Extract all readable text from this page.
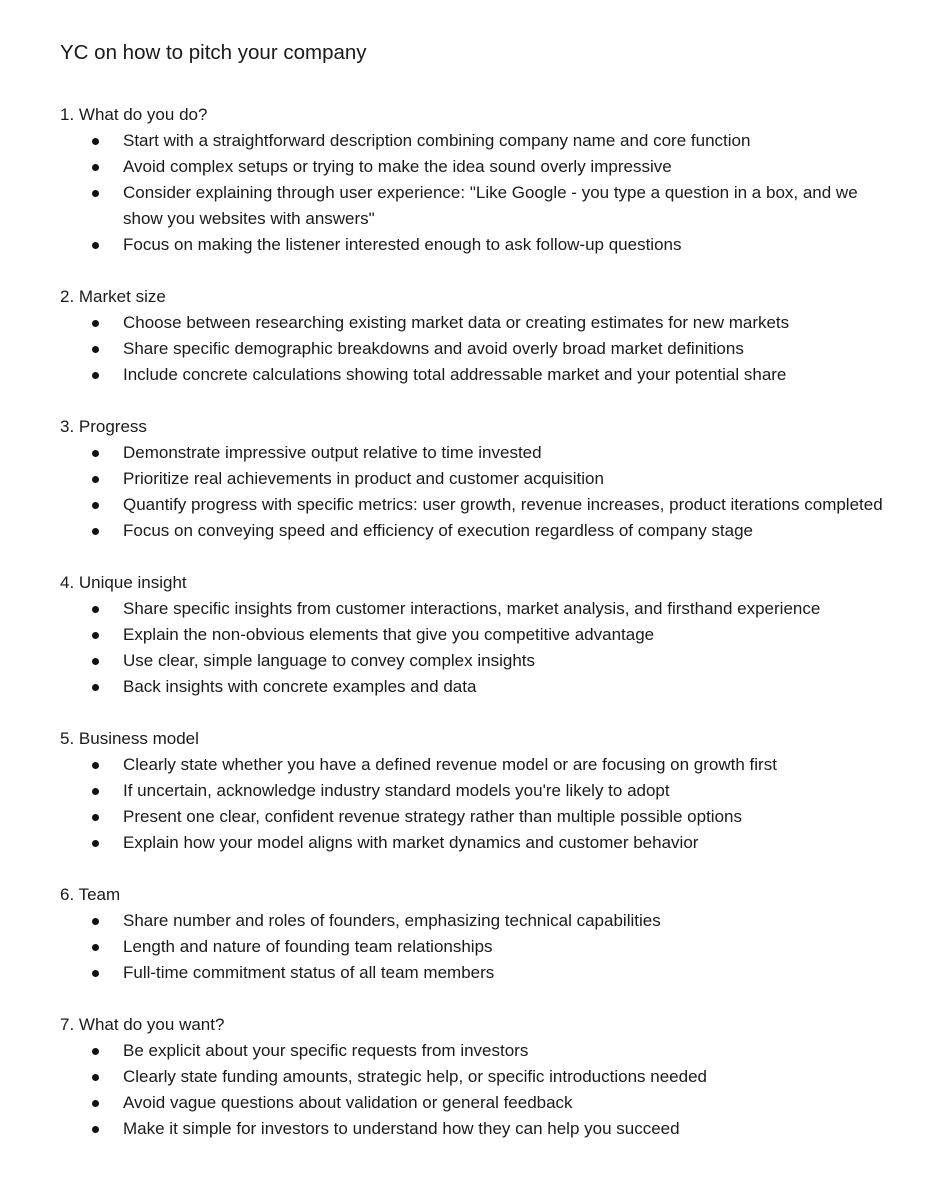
YC on how to pitch your company

1. What do you do?

Start with a straightforward description combining company name and core function
Avoid complex setups or trying to make the idea sound overly impressive
Consider explaining through user experience: "Like Google - you type a question in a box, and we show you websites with answers"
Focus on making the listener interested enough to ask follow-up questions

2. Market size

Choose between researching existing market data or creating estimates for new markets
Share specific demographic breakdowns and avoid overly broad market definitions
Include concrete calculations showing total addressable market and your potential share

3. Progress

Demonstrate impressive output relative to time invested
Prioritize real achievements in product and customer acquisition
Quantify progress with specific metrics: user growth, revenue increases, product iterations completed
Focus on conveying speed and efficiency of execution regardless of company stage

4. Unique insight

Share specific insights from customer interactions, market analysis, and firsthand experience
Explain the non-obvious elements that give you competitive advantage
Use clear, simple language to convey complex insights
Back insights with concrete examples and data

5. Business model

Clearly state whether you have a defined revenue model or are focusing on growth first
If uncertain, acknowledge industry standard models you're likely to adopt
Present one clear, confident revenue strategy rather than multiple possible options
Explain how your model aligns with market dynamics and customer behavior

6. Team

Share number and roles of founders, emphasizing technical capabilities
Length and nature of founding team relationships
Full-time commitment status of all team members

7. What do you want?

Be explicit about your specific requests from investors
Clearly state funding amounts, strategic help, or specific introductions needed
Avoid vague questions about validation or general feedback
Make it simple for investors to understand how they can help you succeed
